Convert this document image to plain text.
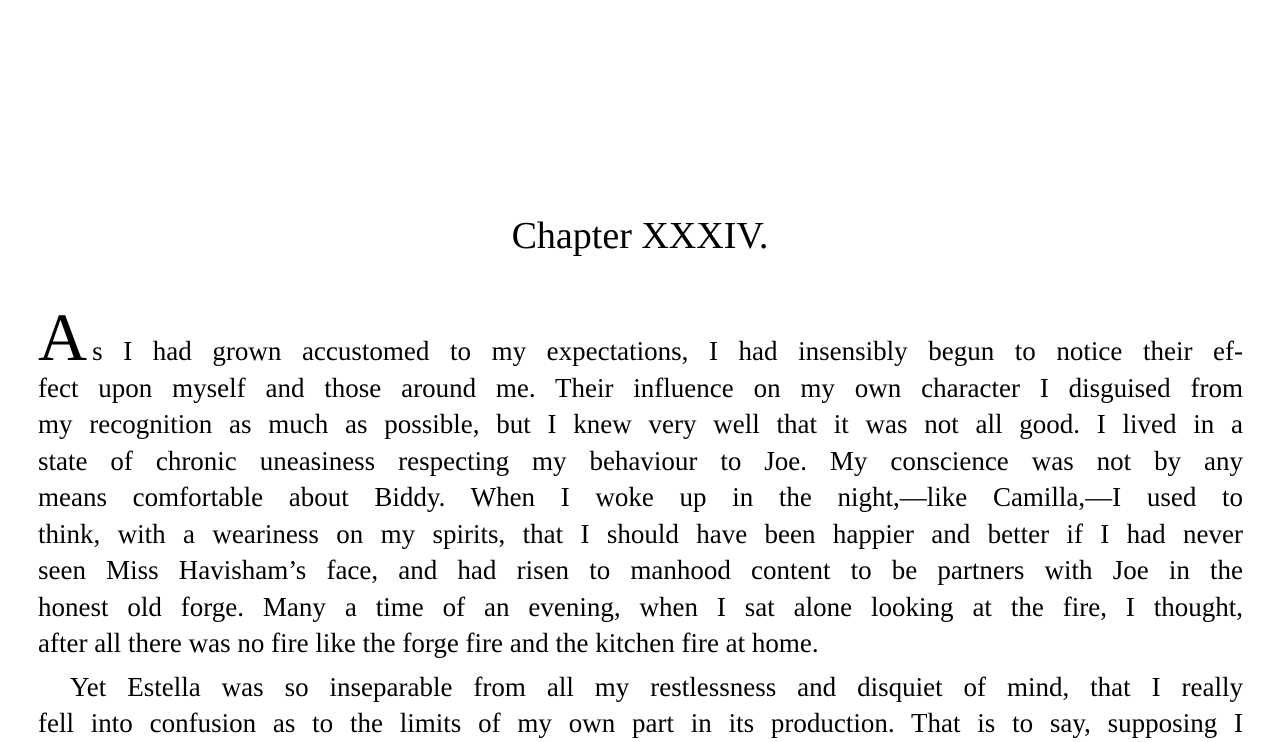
Chapter XXXIV.
As I had grown accustomed to my expectations, I had insensibly begun to notice their ef-
fect upon myself and those around me. Their influence on my own character I disguised from
my recognition as much as possible, but I knew very well that it was not all good. I lived in a
state of chronic uneasiness respecting my behaviour to Joe. My conscience was not by any
means comfortable about Biddy. When I woke up in the night,—like Camilla,—I used to
think, with a weariness on my spirits, that I should have been happier and better if I had never
seen Miss Havisham’s face, and had risen to manhood content to be partners with Joe in the
honest old forge. Many a time of an evening, when I sat alone looking at the fire, I thought,
after all there was no fire like the forge fire and the kitchen fire at home.
Yet Estella was so inseparable from all my restlessness and disquiet of mind, that I really
fell into confusion as to the limits of my own part in its production. That is to say, supposing I
